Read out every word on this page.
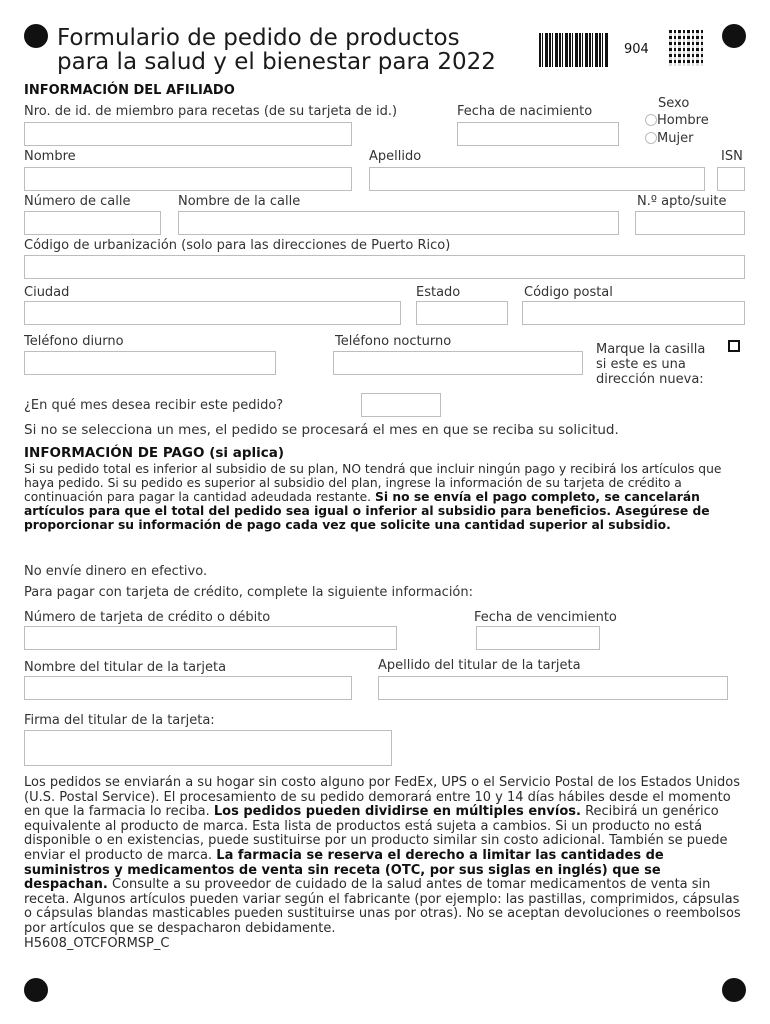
Formulario de pedido de productos
para la salud y el bienestar para 2022	904
INFORMACIÓN DEL AFILIADO
Nro. de id. de miembro para recetas (de su tarjeta de id.)	Fecha de nacimiento
Sexo
Hombre
Mujer
Nombre	Apellido	ISN
Número de calle	Nombre de la calle	N.º apto/suite
Código de urbanización (solo para las direcciones de Puerto Rico)
Ciudad	Estado	Código postal
Teléfono diurno	Teléfono nocturno
Marque la casilla
si este es una
dirección nueva:
¿En qué mes desea recibir este pedido?
Si no se selecciona un mes, el pedido se procesará el mes en que se reciba su solicitud.
INFORMACIÓN DE PAGO (si aplica)
Si su pedido total es inferior al subsidio de su plan, NO tendrá que incluir ningún pago y recibirá los artículos que haya pedido. Si su pedido es superior al subsidio del plan, ingrese la información de su tarjeta de crédito a continuación para pagar la cantidad adeudada restante. Si no se envía el pago completo, se cancelarán artículos para que el total del pedido sea igual o inferior al subsidio para beneficios. Asegúrese de proporcionar su información de pago cada vez que solicite una cantidad superior al subsidio.
No envíe dinero en efectivo.
Para pagar con tarjeta de crédito, complete la siguiente información:
Número de tarjeta de crédito o débito	Fecha de vencimiento
Nombre del titular de la tarjeta	Apellido del titular de la tarjeta
Firma del titular de la tarjeta:
Los pedidos se enviarán a su hogar sin costo alguno por FedEx, UPS o el Servicio Postal de los Estados Unidos (U.S. Postal Service). El procesamiento de su pedido demorará entre 10 y 14 días hábiles desde el momento en que la farmacia lo reciba. Los pedidos pueden dividirse en múltiples envíos. Recibirá un genérico equivalente al producto de marca. Esta lista de productos está sujeta a cambios. Si un producto no está disponible o en existencias, puede sustituirse por un producto similar sin costo adicional. También se puede enviar el producto de marca. La farmacia se reserva el derecho a limitar las cantidades de suministros y medicamentos de venta sin receta (OTC, por sus siglas en inglés) que se despachan. Consulte a su proveedor de cuidado de la salud antes de tomar medicamentos de venta sin receta. Algunos artículos pueden variar según el fabricante (por ejemplo: las pastillas, comprimidos, cápsulas o cápsulas blandas masticables pueden sustituirse unas por otras). No se aceptan devoluciones o reembolsos por artículos que se despacharon debidamente.
H5608_OTCFORMSP_C
